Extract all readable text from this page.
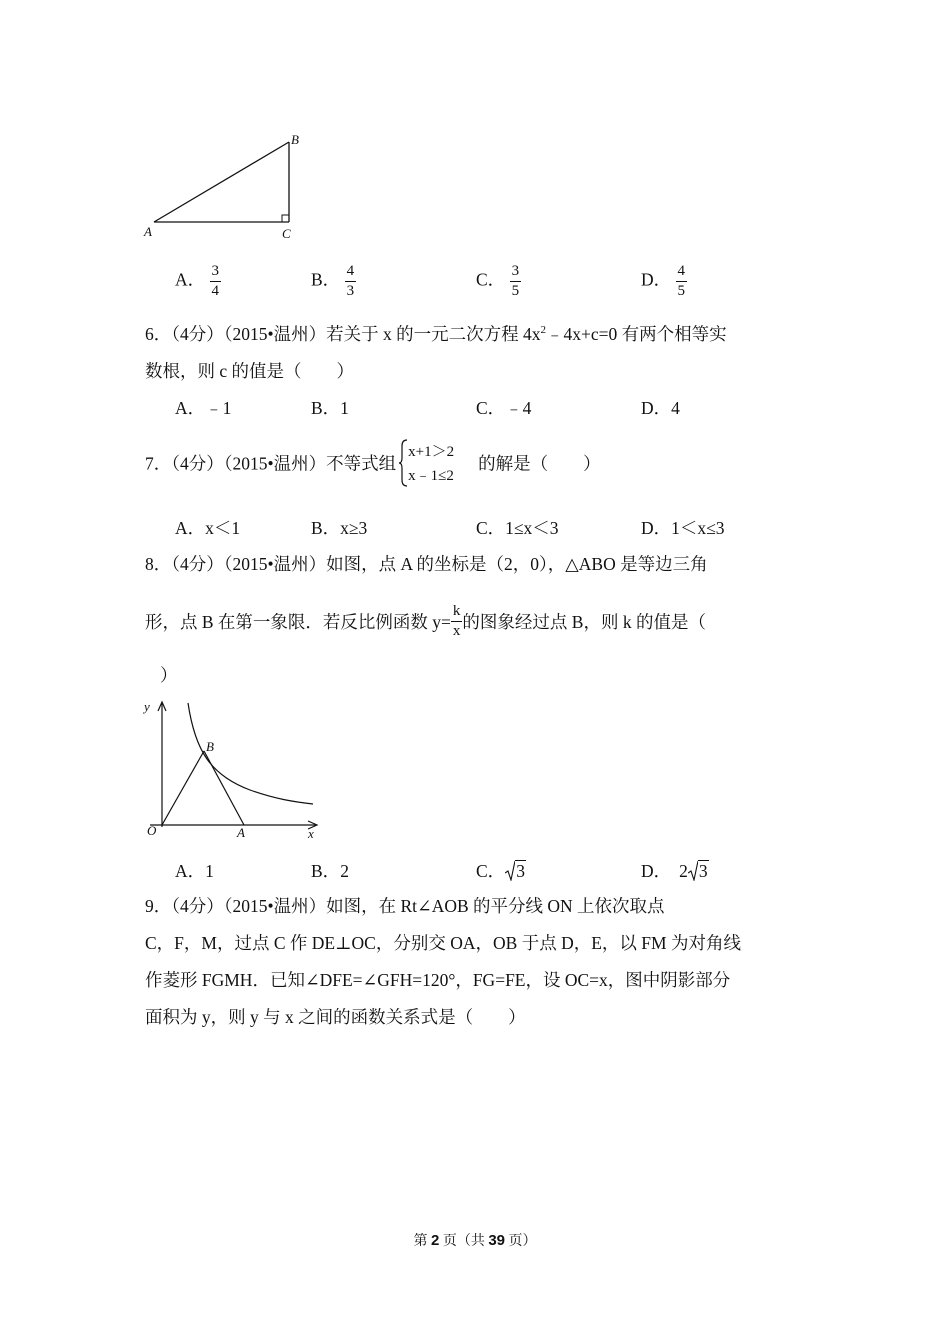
A
B
C
A． $\frac{3}{4}$	B． $\frac{4}{3}$	C． $\frac{3}{5}$	D． $\frac{4}{5}$
6．（4分）（2015•温州）若关于 x 的一元二次方程 $4x^2﹣4x+c=0$ 有两个相等实
数根，则 c 的值是（　　）
A．﹣1	B．1	C．﹣4	D．4
7．（4分）（2015•温州）不等式组
x+1＞2
x﹣1≤2
的解是（　　）
A．x＜1	B．x≥3	C．1≤x＜3	D．1＜x≤3
8．（4分）（2015•温州）如图，点 A 的坐标是（2，0），△ABO 是等边三角
形，点 B 在第一象限．若反比例函数 $y= \frac{k}{x}$ 的图象经过点 B，则 k 的值是（
）
y
x
O	A
B
A．1	B．2	C． 3	D． 2 3
9．（4分）（2015•温州）如图，在 Rt∠AOB 的平分线 ON 上依次取点
C，F，M，过点 C 作 DE⊥OC，分别交 OA，OB 于点 D，E，以 FM 为对角线
作菱形 FGMH．已知∠DFE=∠GFH=120°，FG=FE，设 OC=x，图中阴影部分
面积为 y，则 y 与 x 之间的函数关系式是（　　）
第 2 页（共 39 页）
